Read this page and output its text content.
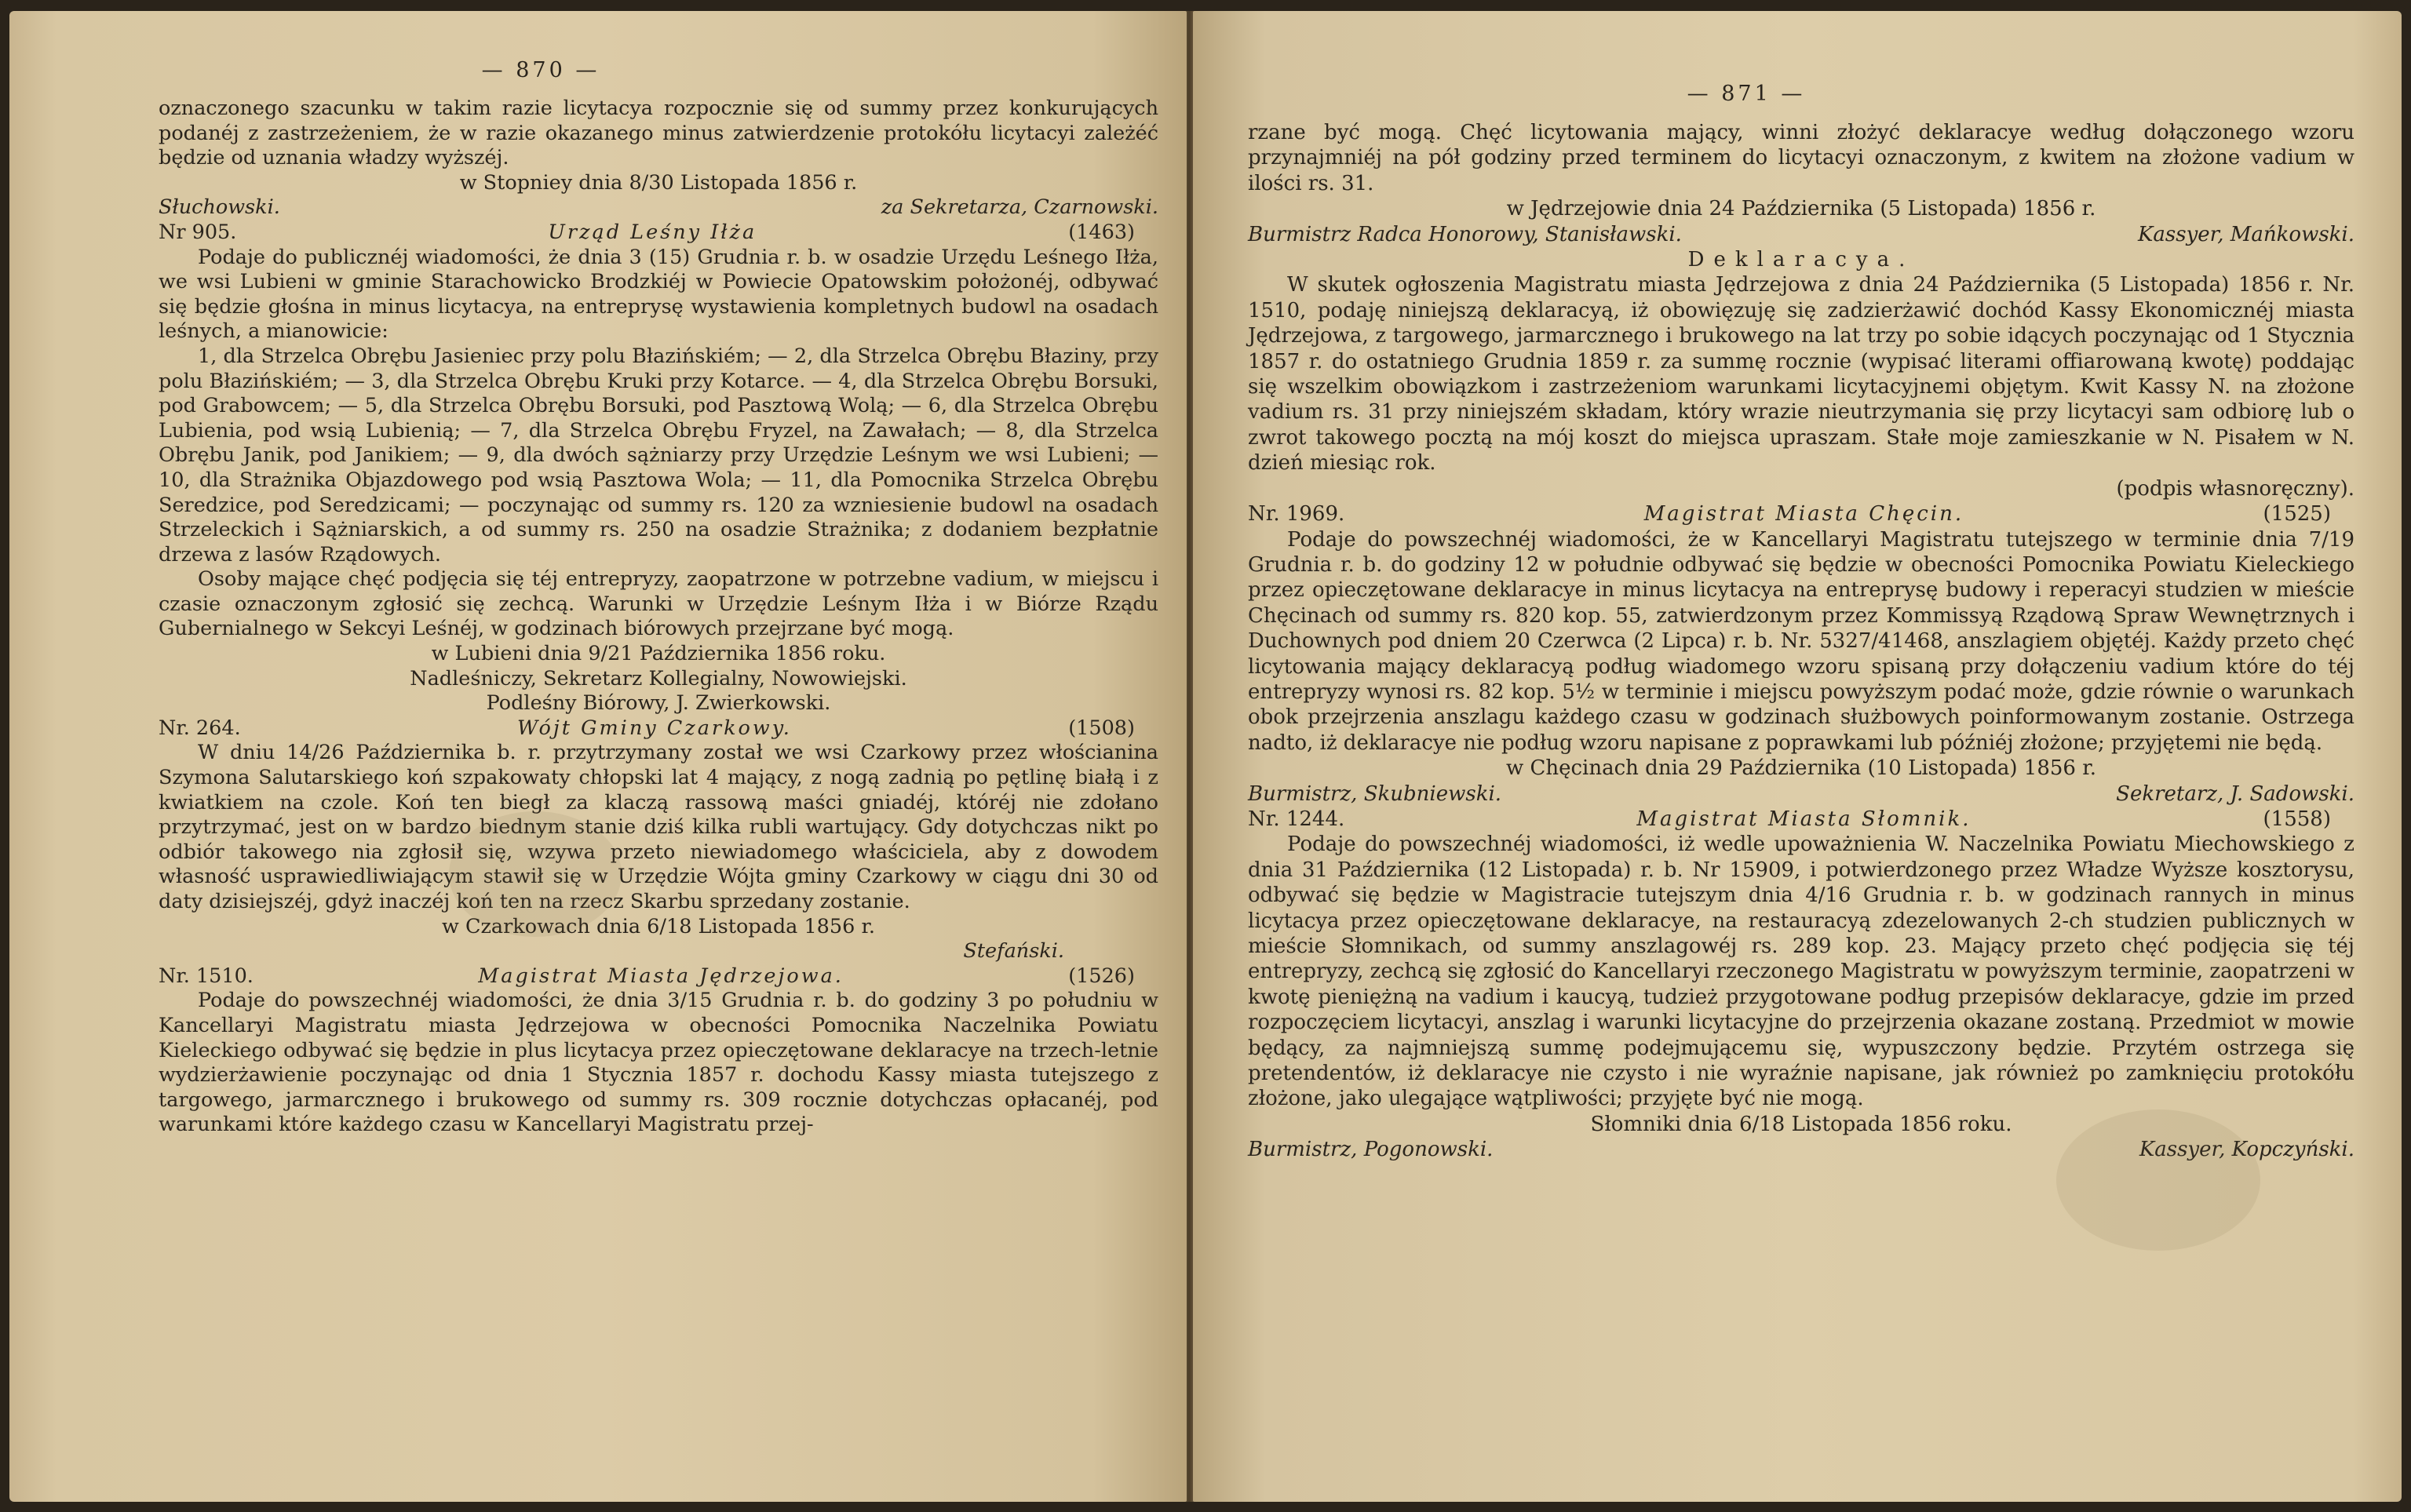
— 870 —

oznaczonego szacunku w takim razie licytacya rozpocznie się od summy przez konkurujących podanéj z zastrzeżeniem, że w razie okazanego minus zatwierdzenie protokółu licytacyi zależéć będzie od uznania władzy wyższéj.

w Stopniey dnia 8/30 Listopada 1856 r.

Słuchowski.	za Sekretarza, Czarnowski.
Nr 905.	Urząd Leśny Iłża	(1463)

Podaje do publicznéj wiadomości, że dnia 3 (15) Grudnia r. b. w osadzie Urzędu Leśnego Iłża, we wsi Lubieni w gminie Starachowicko Brodzkiéj w Powiecie Opatowskim położonéj, odbywać się będzie głośna in minus licytacya, na entreprysę wystawienia kompletnych budowl na osadach leśnych, a mianowicie:

1, dla Strzelca Obrębu Jasieniec przy polu Błazińskiém; — 2, dla Strzelca Obrębu Błaziny, przy polu Błazińskiém; — 3, dla Strzelca Obrębu Kruki przy Kotarce. — 4, dla Strzelca Obrębu Borsuki, pod Grabowcem; — 5, dla Strzelca Obrębu Borsuki, pod Pasztową Wolą; — 6, dla Strzelca Obrębu Lubienia, pod wsią Lubienią; — 7, dla Strzelca Obrębu Fryzel, na Zawałach; — 8, dla Strzelca Obrębu Janik, pod Janikiem; — 9, dla dwóch sążniarzy przy Urzędzie Leśnym we wsi Lubieni; — 10, dla Strażnika Objazdowego pod wsią Pasztowa Wola; — 11, dla Pomocnika Strzelca Obrębu Seredzice, pod Seredzicami; — poczynając od summy rs. 120 za wzniesienie budowl na osadach Strzeleckich i Sążniarskich, a od summy rs. 250 na osadzie Strażnika; z dodaniem bezpłatnie drzewa z lasów Rządowych.

Osoby mające chęć podjęcia się téj entrepryzy, zaopatrzone w potrzebne vadium, w miejscu i czasie oznaczonym zgłosić się zechcą. Warunki w Urzędzie Leśnym Iłża i w Biórze Rządu Gubernialnego w Sekcyi Leśnéj, w godzinach biórowych przejrzane być mogą.

w Lubieni dnia 9/21 Października 1856 roku.

Nadleśniczy, Sekretarz Kollegialny, Nowowiejski.

Podleśny Biórowy, J. Zwierkowski.

Nr. 264.	Wójt Gminy Czarkowy.	(1508)

W dniu 14/26 Października b. r. przytrzymany został we wsi Czarkowy przez włościanina Szymona Salutarskiego koń szpakowaty chłopski lat 4 mający, z nogą zadnią po pętlinę białą i z kwiatkiem na czole. Koń ten biegł za klaczą rassową maści gniadéj, któréj nie zdołano przytrzymać, jest on w bardzo biednym stanie dziś kilka rubli wartujący. Gdy dotychczas nikt po odbiór takowego nia zgłosił się, wzywa przeto niewiadomego właściciela, aby z dowodem własność usprawiedliwiającym stawił się w Urzędzie Wójta gminy Czarkowy w ciągu dni 30 od daty dzisiejszéj, gdyż inaczéj koń ten na rzecz Skarbu sprzedany zostanie.

w Czarkowach dnia 6/18 Listopada 1856 r.

Stefański.

Nr. 1510.	Magistrat Miasta Jędrzejowa.	(1526)

Podaje do powszechnéj wiadomości, że dnia 3/15 Grudnia r. b. do godziny 3 po południu w Kancellaryi Magistratu miasta Jędrzejowa w obecności Pomocnika Naczelnika Powiatu Kieleckiego odbywać się będzie in plus licytacya przez opieczętowane deklaracye na trzech-letnie wydzierżawienie poczynając od dnia 1 Stycznia 1857 r. dochodu Kassy miasta tutejszego z targowego, jarmarcznego i brukowego od summy rs. 309 rocznie dotychczas opłacanéj, pod warunkami które każdego czasu w Kancellaryi Magistratu przej-

— 871 —

rzane być mogą. Chęć licytowania mający, winni złożyć deklaracye według dołączonego wzoru przynajmniéj na pół godziny przed terminem do licytacyi oznaczonym, z kwitem na złożone vadium w ilości rs. 31.

w Jędrzejowie dnia 24 Października (5 Listopada) 1856 r.

Burmistrz Radca Honorowy, Stanisławski.	Kassyer, Mańkowski.

Deklaracya.

W skutek ogłoszenia Magistratu miasta Jędrzejowa z dnia 24 Października (5 Listopada) 1856 r. Nr. 1510, podaję niniejszą deklaracyą, iż obowięzuję się zadzierżawić dochód Kassy Ekonomicznéj miasta Jędrzejowa, z targowego, jarmarcznego i brukowego na lat trzy po sobie idących poczynając od 1 Stycznia 1857 r. do ostatniego Grudnia 1859 r. za summę rocznie (wypisać literami offiarowaną kwotę) poddając się wszelkim obowiązkom i zastrzeżeniom warunkami licytacyjnemi objętym. Kwit Kassy N. na złożone vadium rs. 31 przy niniejszém składam, który wrazie nieutrzymania się przy licytacyi sam odbiorę lub o zwrot takowego pocztą na mój koszt do miejsca upraszam. Stałe moje zamieszkanie w N. Pisałem w N. dzień miesiąc rok.

(podpis własnoręczny).

Nr. 1969.	Magistrat Miasta Chęcin.	(1525)

Podaje do powszechnéj wiadomości, że w Kancellaryi Magistratu tutejszego w terminie dnia 7/19 Grudnia r. b. do godziny 12 w południe odbywać się będzie w obecności Pomocnika Powiatu Kieleckiego przez opieczętowane deklaracye in minus licytacya na entreprysę budowy i reperacyi studzien w mieście Chęcinach od summy rs. 820 kop. 55, zatwierdzonym przez Kommissyą Rządową Spraw Wewnętrznych i Duchownych pod dniem 20 Czerwca (2 Lipca) r. b. Nr. 5327/41468, anszlagiem objętéj. Każdy przeto chęć licytowania mający deklaracyą podług wiadomego wzoru spisaną przy dołączeniu vadium które do téj entrepryzy wynosi rs. 82 kop. 5½ w terminie i miejscu powyższym podać może, gdzie równie o warunkach obok przejrzenia anszlagu każdego czasu w godzinach służbowych poinformowanym zostanie. Ostrzega nadto, iż deklaracye nie podług wzoru napisane z poprawkami lub późniéj złożone; przyjętemi nie będą.

w Chęcinach dnia 29 Października (10 Listopada) 1856 r.

Burmistrz, Skubniewski.	Sekretarz, J. Sadowski.
Nr. 1244.	Magistrat Miasta Słomnik.	(1558)

Podaje do powszechnéj wiadomości, iż wedle upoważnienia W. Naczelnika Powiatu Miechowskiego z dnia 31 Października (12 Listopada) r. b. Nr 15909, i potwierdzonego przez Władze Wyższe kosztorysu, odbywać się będzie w Magistracie tutejszym dnia 4/16 Grudnia r. b. w godzinach rannych in minus licytacya przez opieczętowane deklaracye, na restauracyą zdezelowanych 2-ch studzien publicznych w mieście Słomnikach, od summy anszlagowéj rs. 289 kop. 23. Mający przeto chęć podjęcia się téj entrepryzy, zechcą się zgłosić do Kancellaryi rzeczonego Magistratu w powyższym terminie, zaopatrzeni w kwotę pieniężną na vadium i kaucyą, tudzież przygotowane podług przepisów deklaracye, gdzie im przed rozpoczęciem licytacyi, anszlag i warunki licytacyjne do przejrzenia okazane zostaną. Przedmiot w mowie będący, za najmniejszą summę podejmującemu się, wypuszczony będzie. Przytém ostrzega się pretendentów, iż deklaracye nie czysto i nie wyraźnie napisane, jak również po zamknięciu protokółu złożone, jako ulegające wątpliwości; przyjęte być nie mogą.

Słomniki dnia 6/18 Listopada 1856 roku.

Burmistrz, Pogonowski.	Kassyer, Kopczyński.
